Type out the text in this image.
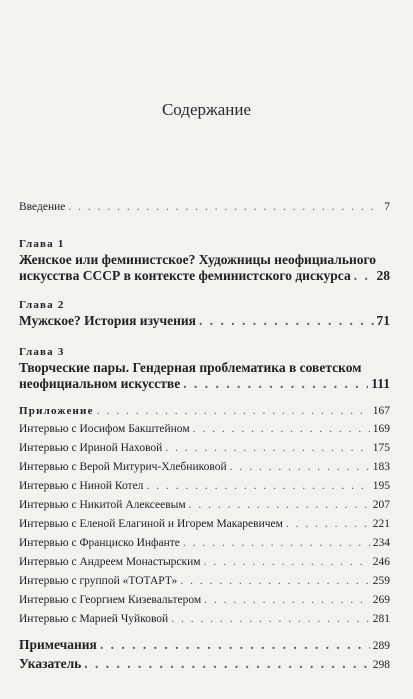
Содержание
Введение . . .	7
Глава 1
Женское или феминистское? Художницы неофициального
искусства СССР в контексте феминистского дискурса . . . 28
Глава 2
Мужское? История изучения . . .	71
Глава 3
Творческие пары. Гендерная проблематика в советском
неофициальном искусстве . . .	111
Приложение . . .	167
Интервью с Иосифом Бакштейном . . .	169
Интервью с Ириной Наховой . . .	175
Интервью с Верой Митурич-Хлебниковой . . .	183
Интервью с Ниной Котел . . .	195
Интервью с Никитой Алексеевым . . .	207
Интервью с Еленой Елагиной и Игорем Макаревичем . . .	221
Интервью с Франциско Инфанте . . .	234
Интервью с Андреем Монастырским . . .	246
Интервью с группой «ТОТАРТ» . . .	259
Интервью с Георгием Кизевальтером . . .	269
Интервью с Марией Чуйковой . . .	281
Примечания . . .	289
Указатель . . .	298
